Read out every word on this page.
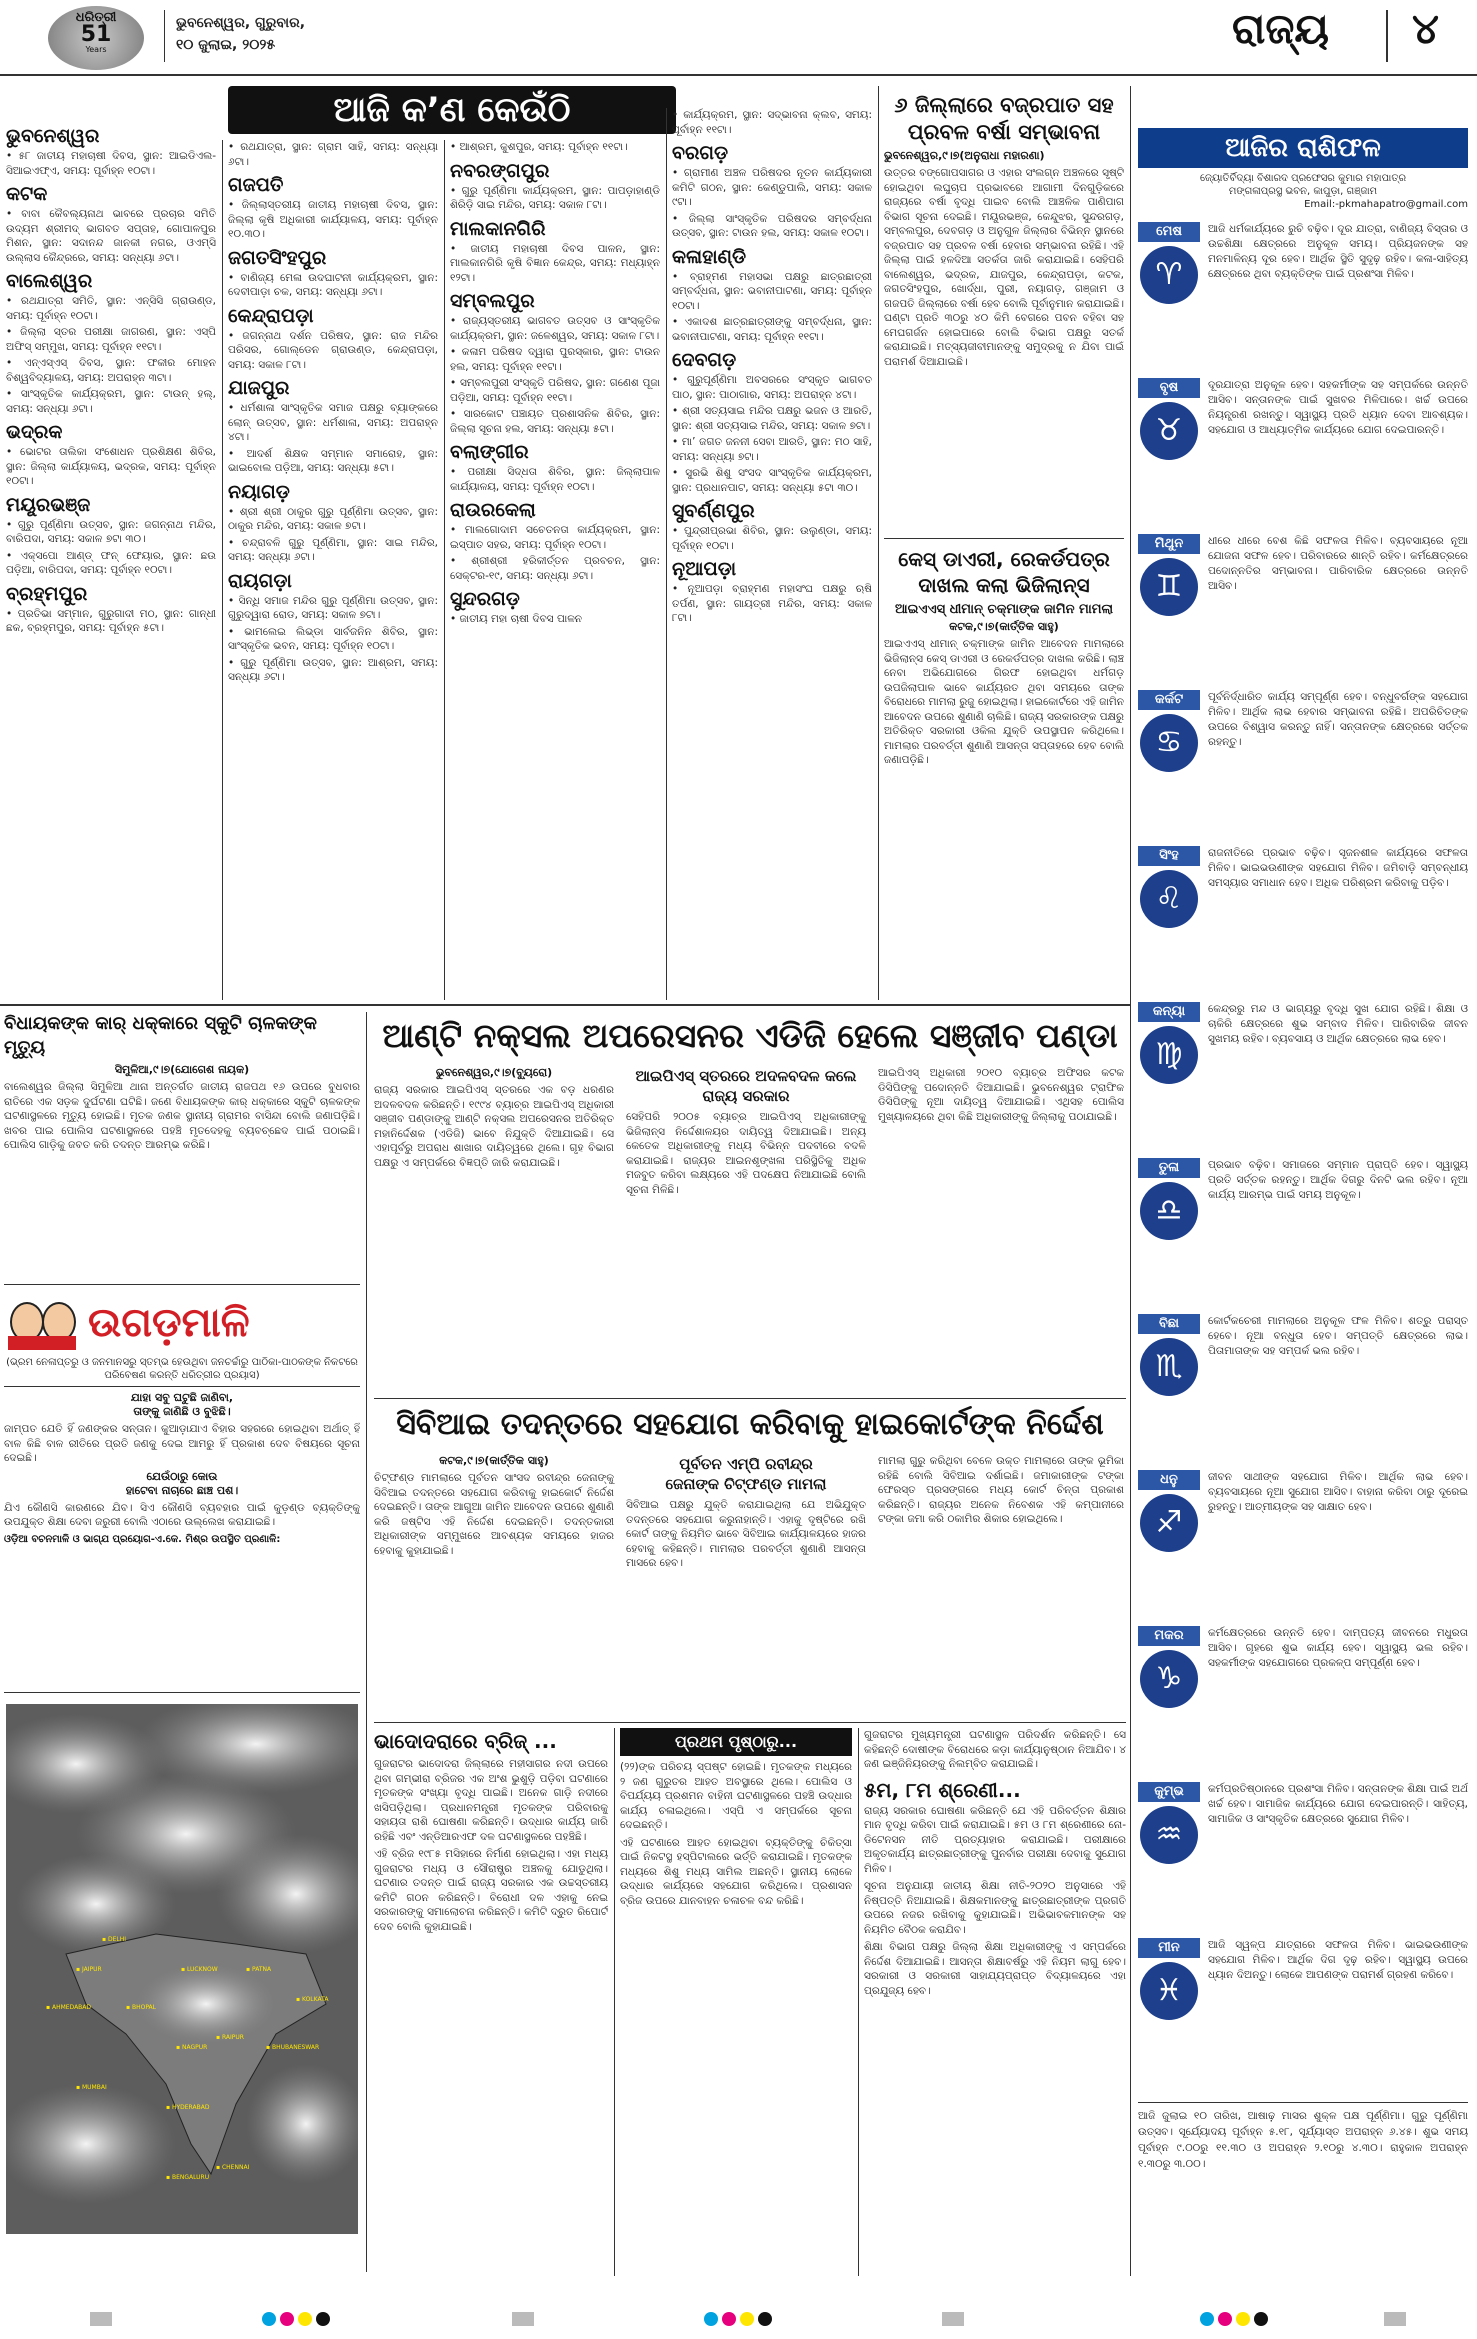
ଧରିତ୍ରୀ
51
Years
ଭୁବନେଶ୍ୱର, ଗୁରୁବାର,
୧୦ ଜୁଲାଇ, ୨୦୨୫	ରାଜ୍ୟ ୪
ଆଜି କ’ଣ କେଉଁଠି
ଭୁବନେଶ୍ୱର

• ୫୮ ଜାତୀୟ ମହାଚାଷୀ ଦିବସ, ସ୍ଥାନ: ଆଇଡିଏଲ-ସିଆଇଏଫ୍‌ଏ, ସମୟ: ପୂର୍ବାହ୍ନ ୧୦ଟା।

କଟକ

• ବାବା କୈବଲ୍ୟନାଥ ଭାବରେ ପ୍ରଚାର ସମିତି ଉଦ୍ୟମ ଶ୍ରୀମଦ୍ ଭାଗବତ ସପ୍ତାହ, ଗୋପାଳପୁର ମିଶନ, ସ୍ଥାନ: ସଦାନନ୍ଦ ଜାନକୀ ନଗର, ଓଏମ୍‌ସି ଉଲ୍ଲାସ କୈନ୍ଦ୍ରରେ, ସମୟ: ସନ୍ଧ୍ୟା ୬ଟା।

ବାଲେଶ୍ୱର

• ରଥଯାତ୍ରା ସମିତି, ସ୍ଥାନ: ଏନ୍‌ସିସି ଗ୍ରାଉଣ୍ଡ, ସମୟ: ପୂର୍ବାହ୍ନ ୧୦ଟା।

• ଜିଲ୍ଲା ସ୍ତର ପରୀକ୍ଷା ଜାଗରଣ, ସ୍ଥାନ: ଏସ୍‌ପି ଅଫିସ୍ ସମ୍ମୁଖ, ସମୟ: ପୂର୍ବାହ୍ନ ୧୧ଟା।

• ଏନ୍‌ଏସ୍‌ଏସ୍ ଦିବସ, ସ୍ଥାନ: ଫକୀର ମୋହନ ବିଶ୍ୱବିଦ୍ୟାଳୟ, ସମୟ: ଅପରାହ୍ନ ୩ଟା।

• ସାଂସ୍କୃତିକ କାର୍ଯ୍ୟକ୍ରମ, ସ୍ଥାନ: ଟାଉନ୍ ହଲ୍, ସମୟ: ସନ୍ଧ୍ୟା ୬ଟା।

ଭଦ୍ରକ

• ଭୋଟର ତାଲିକା ସଂଶୋଧନ ପ୍ରଶିକ୍ଷଣ ଶିବିର, ସ୍ଥାନ: ଜିଲ୍ଲା କାର୍ଯ୍ୟାଳୟ, ଭଦ୍ରକ, ସମୟ: ପୂର୍ବାହ୍ନ ୧୦ଟା।

ମୟୂରଭଞ୍ଜ

• ଗୁରୁ ପୂର୍ଣ୍ଣିମା ଉତ୍ସବ, ସ୍ଥାନ: ଜଗନ୍ନାଥ ମନ୍ଦିର, ବାରିପଦା, ସମୟ: ସକାଳ ୭ଟା ୩୦।

• ଏକ୍ସପୋ ଆଣ୍ଡ୍ ଫନ୍ ଫେୟାର, ସ୍ଥାନ: ଛଉ ପଡ଼ିଆ, ବାରିପଦା, ସମୟ: ପୂର୍ବାହ୍ନ ୧୦ଟା।

ବ୍ରହ୍ମପୁର

• ପ୍ରତିଭା ସମ୍ମାନ, ଗୁରୁଗାଦୀ ମଠ, ସ୍ଥାନ: ଗାନ୍ଧୀ ଛକ, ବ୍ରହ୍ମପୁର, ସମୟ: ପୂର୍ବାହ୍ନ ୫ଟା।

• ରଥଯାତ୍ରା, ସ୍ଥାନ: ଗ୍ରାମ ସାହି, ସମୟ: ସନ୍ଧ୍ୟା ୬ଟା।

ଗଜପତି

• ଜିଲ୍ଲାସ୍ତରୀୟ ଜାତୀୟ ମହାଚାଷୀ ଦିବସ, ସ୍ଥାନ: ଜିଲ୍ଲା କୃଷି ଅଧିକାରୀ କାର୍ଯ୍ୟାଳୟ, ସମୟ: ପୂର୍ବାହ୍ନ ୧୦.୩୦।

ଜଗତସିଂହପୁର

• ବାଣିଜ୍ୟ ମେଳା ଉଦଘାଟନୀ କାର୍ଯ୍ୟକ୍ରମ, ସ୍ଥାନ: ଦେବୀପାଡ଼ା ଚକ, ସମୟ: ସନ୍ଧ୍ୟା ୬ଟା।

କେନ୍ଦ୍ରାପଡ଼ା

• ଜଗନ୍ନାଥ ଦର୍ଶନ ପରିଷଦ, ସ୍ଥାନ: ରାଜ ମନ୍ଦିର ପରିସର, ଗୋଲ୍ଡେନ ଗ୍ରାଉଣ୍ଡ, କେନ୍ଦ୍ରାପଡ଼ା, ସମୟ: ସକାଳ ୮ଟା।

ଯାଜପୁର

• ଧର୍ମଶାଳା ସାଂସ୍କୃତିକ ସମାଜ ପକ୍ଷରୁ ବ୍ୟାଙ୍କରେ ଲୋନ୍‌ ଉତ୍ସବ, ସ୍ଥାନ: ଧର୍ମଶାଳା, ସମୟ: ଅପରାହ୍ନ ୪ଟା।

• ଆଦର୍ଶ ଶିକ୍ଷକ ସମ୍ମାନ ସମାରୋହ, ସ୍ଥାନ: ଭାଇବୋଲ ପଡ଼ିଆ, ସମୟ: ସନ୍ଧ୍ୟା ୫ଟା।

ନୟାଗଡ଼

• ଶ୍ରୀ ଶ୍ରୀ ଠାକୁର ଗୁରୁ ପୂର୍ଣ୍ଣିମା ଉତ୍ସବ, ସ୍ଥାନ: ଠାକୁର ମନ୍ଦିର, ସମୟ: ସକାଳ ୭ଟା।

• ଚନ୍ଦ୍ରାବଳି ଗୁରୁ ପୂର୍ଣ୍ଣିମା, ସ୍ଥାନ: ସାଇ ମନ୍ଦିର, ସମୟ: ସନ୍ଧ୍ୟା ୬ଟା।

ରାୟଗଡ଼ା

• ସିନ୍ଧି ସମାଜ ମନ୍ଦିର ଗୁରୁ ପୂର୍ଣ୍ଣିମା ଉତ୍ସବ, ସ୍ଥାନ: ଗୁରୁଦ୍ୱାରା ରୋଡ, ସମୟ: ସକାଳ ୭ଟା।

• ଭାମଲେଇ ଲିଭ୍‌ଡା ସାର୍ବଜନିନ ଶିବିର, ସ୍ଥାନ: ସାଂସ୍କୃତିକ ଭବନ, ସମୟ: ପୂର୍ବାହ୍ନ ୧୦ଟା।

• ଗୁରୁ ପୂର୍ଣ୍ଣିମା ଉତ୍ସବ, ସ୍ଥାନ: ଆଶ୍ରମ, ସମୟ: ସନ୍ଧ୍ୟା ୬ଟା।

• ଆଶ୍ରମ, କୁଶପୁର, ସମୟ: ପୂର୍ବାହ୍ନ ୧୧ଟା।

ନବରଙ୍ଗପୁର

• ଗୁରୁ ପୂର୍ଣ୍ଣିମା କାର୍ଯ୍ୟକ୍ରମ, ସ୍ଥାନ: ପାପଡ଼ାହାଣ୍ଡି ଶିରିଡ଼ି ସାଇ ମନ୍ଦିର, ସମୟ: ସକାଳ ୮ଟା।

ମାଲକାନଗିରି

• ଜାତୀୟ ମହାଚାଷୀ ଦିବସ ପାଳନ, ସ୍ଥାନ: ମାଲକାନଗିରି କୃଷି ବିଜ୍ଞାନ କେନ୍ଦ୍ର, ସମୟ: ମଧ୍ୟାହ୍ନ ୧୨ଟା।

ସମ୍ବଲପୁର

• ରାଜ୍ୟସ୍ତରୀୟ ଭାଗବତ ଉତ୍ସବ ଓ ସାଂସ୍କୃତିକ କାର୍ଯ୍ୟକ୍ରମ, ସ୍ଥାନ: ଜଳେଶ୍ୱର, ସମୟ: ସକାଳ ୮ଟା।

• କଳାମ ପରିଷଦ ଦ୍ୱାରା ପୁରସ୍କାର, ସ୍ଥାନ: ଟାଉନ ହଲ, ସମୟ: ପୂର୍ବାହ୍ନ ୧୧ଟା।

• ସମ୍ବଲପୁରୀ ସଂସ୍କୃତି ପରିଷଦ, ସ୍ଥାନ: ଗଣେଶ ପୂଜା ପଡ଼ିଆ, ସମୟ: ପୂର୍ବାହ୍ନ ୧୧ଟା।

• ସାରକୋଟ ପଞ୍ଚାୟତ ପ୍ରଶାସନିକ ଶିବିର, ସ୍ଥାନ: ଜିଲ୍ଲା ସୂଚନା ହଲ, ସମୟ: ସନ୍ଧ୍ୟା ୫ଟା।

ବଲାଙ୍ଗୀର

• ପରୀକ୍ଷା ସିଦ୍ଧତା ଶିବିର, ସ୍ଥାନ: ଜିଲ୍ଲାପାଳ କାର୍ଯ୍ୟାଳୟ, ସମୟ: ପୂର୍ବାହ୍ନ ୧୦ଟା।

ରାଉରକେଲା

• ମାଲଗୋଦାମ ସଚେତନତା କାର୍ଯ୍ୟକ୍ରମ, ସ୍ଥାନ: ଇସ୍ପାତ ସହର, ସମୟ: ପୂର୍ବାହ୍ନ ୧୦ଟା।

• ଶ୍ରୀଶ୍ରୀ ହରିକୀର୍ତ୍ତନ ପ୍ରବଚନ, ସ୍ଥାନ: ସେକ୍ଟର-୧୯, ସମୟ: ସନ୍ଧ୍ୟା ୬ଟା।

ସୁନ୍ଦରଗଡ଼

• ଜାତୀୟ ମହା ଚାଷୀ ଦିବସ ପାଳନ

• କାର୍ଯ୍ୟକ୍ରମ, ସ୍ଥାନ: ସଦ୍ଭାବନା କ୍ଲବ, ସମୟ: ପୂର୍ବାହ୍ନ ୧୧ଟା।

ବରଗଡ଼

• ଗ୍ରାମୀଣ ଅଞ୍ଚଳ ପରିଷଦର ନୂତନ କାର୍ଯ୍ୟକାରୀ କମିଟି ଗଠନ, ସ୍ଥାନ: କେଣ୍ଡୁପାଲି, ସମୟ: ସକାଳ ୯ଟା।

• ଜିଲ୍ଲା ସାଂସ୍କୃତିକ ପରିଷଦର ସମ୍ବର୍ଦ୍ଧନା ଉତ୍ସବ, ସ୍ଥାନ: ଟାଉନ ହଲ, ସମୟ: ସକାଳ ୧୦ଟା।

କଳାହାଣ୍ଡି

• ବ୍ରାହ୍ମଣ ମହାସଭା ପକ୍ଷରୁ ଛାତ୍ରଛାତ୍ରୀ ସମ୍ବର୍ଦ୍ଧନା, ସ୍ଥାନ: ଭବାନୀପାଟଣା, ସମୟ: ପୂର୍ବାହ୍ନ ୧୦ଟା।

• ଏକାଦଶ ଛାତ୍ରଛାତ୍ରୀଙ୍କୁ ସମ୍ବର୍ଦ୍ଧନା, ସ୍ଥାନ: ଭବାନୀପାଟଣା, ସମୟ: ପୂର୍ବାହ୍ନ ୧୧ଟା।

ଦେବଗଡ଼

• ଗୁରୁପୂର୍ଣ୍ଣିମା ଅବସରରେ ସଂସ୍କୃତ ଭାଗବତ ପାଠ, ସ୍ଥାନ: ପାଠାଗାର, ସମୟ: ଅପରାହ୍ନ ୪ଟା।

• ଶ୍ରୀ ସତ୍ୟସାଇ ମନ୍ଦିର ପକ୍ଷରୁ ଭଜନ ଓ ଆରତି, ସ୍ଥାନ: ଶ୍ରୀ ସତ୍ୟସାଇ ମନ୍ଦିର, ସମୟ: ସକାଳ ୭ଟା।

• ମା’ ଜଗତ ଜନନୀ ସେବା ଆରତି, ସ୍ଥାନ: ମଠ ସାହି, ସମୟ: ସନ୍ଧ୍ୟା ୭ଟା।

• ସୁରଭି ଶିଶୁ ସଂସଦ ସାଂସ୍କୃତିକ କାର୍ଯ୍ୟକ୍ରମ, ସ୍ଥାନ: ପ୍ରଧାନପାଟ, ସମୟ: ସନ୍ଧ୍ୟା ୫ଟା ୩୦।

ସୁବର୍ଣ୍ଣପୁର

• ପୁନ୍ଦ୍ରୀପ୍ରଭା ଶିବିର, ସ୍ଥାନ: ଉଲୁଣ୍ଡା, ସମୟ: ପୂର୍ବାହ୍ନ ୧୦ଟା।

ନୂଆପଡ଼ା

• ନୂଆପଡ଼ା ବ୍ରାହ୍ମଣ ମହାସଂଘ ପକ୍ଷରୁ ଋଷି ତର୍ପଣ, ସ୍ଥାନ: ଗାୟତ୍ରୀ ମନ୍ଦିର, ସମୟ: ସକାଳ ୮ଟା।

୬ ଜିଲ୍ଲାରେ ବଜ୍ରପାତ ସହ ପ୍ରବଳ ବର୍ଷା ସମ୍ଭାବନା
ଭୁବନେଶ୍ୱର,୯।୭(ଅନୁରାଧା ମହାରଣା)
ଉତ୍ତର ବଙ୍ଗୋପସାଗର ଓ ଏହାର ସଂଲଗ୍ନ ଅଞ୍ଚଳରେ ସୃଷ୍ଟି ହୋଇଥିବା ଲଘୁଚାପ ପ୍ରଭାବରେ ଆଗାମୀ ଦିନଗୁଡ଼ିକରେ ରାଜ୍ୟରେ ବର୍ଷା ବୃଦ୍ଧି ପାଇବ ବୋଲି ଆଞ୍ଚଳିକ ପାଣିପାଗ ବିଭାଗ ସୂଚନା ଦେଇଛି। ମୟୂରଭଞ୍ଜ, କେନ୍ଦୁଝର, ସୁନ୍ଦରଗଡ଼, ସମ୍ବଲପୁର, ଦେବଗଡ଼ ଓ ଅନୁଗୁଳ ଜିଲ୍ଲାର ବିଭିନ୍ନ ସ୍ଥାନରେ ବଜ୍ରପାତ ସହ ପ୍ରବଳ ବର୍ଷା ହେବାର ସମ୍ଭାବନା ରହିଛି। ଏହି ଜିଲ୍ଲା ପାଇଁ ହଳଦିଆ ସତର୍କତା ଜାରି କରାଯାଇଛି। ସେହିପରି ବାଲେଶ୍ୱର, ଭଦ୍ରକ, ଯାଜପୁର, କେନ୍ଦ୍ରାପଡ଼ା, କଟକ, ଜଗତସିଂହପୁର, ଖୋର୍ଦ୍ଧା, ପୁରୀ, ନୟାଗଡ଼, ଗଞ୍ଜାମ ଓ ଗଜପତି ଜିଲ୍ଲାରେ ବର୍ଷା ହେବ ବୋଲି ପୂର୍ବାନୁମାନ କରାଯାଇଛି। ଘଣ୍ଟା ପ୍ରତି ୩୦ରୁ ୪୦ କିମି ବେଗରେ ପବନ ବହିବା ସହ ମେଘଗର୍ଜନ ହୋଇପାରେ ବୋଲି ବିଭାଗ ପକ୍ଷରୁ ସତର୍କ କରାଯାଇଛି। ମତ୍ସ୍ୟଜୀବୀମାନଙ୍କୁ ସମୁଦ୍ରକୁ ନ ଯିବା ପାଇଁ ପରାମର୍ଶ ଦିଆଯାଇଛି।
କେସ୍ ଡାଏରୀ, ରେକର୍ଡପତ୍ର ଦାଖଲ କଲା ଭିଜିଲାନ୍ସ
ଆଇଏଏସ୍ ଧୀମାନ୍ ଚକ୍ମାଙ୍କ ଜାମିନ ମାମଲା
କଟକ,୯।୭(କାର୍ତ୍ତିକ ସାହୁ)
ଆଇଏଏସ୍ ଧୀମାନ୍ ଚକ୍ମାଙ୍କ ଜାମିନ ଆବେଦନ ମାମଲାରେ ଭିଜିଲାନ୍ସ କେସ୍ ଡାଏରୀ ଓ ରେକର୍ଡପତ୍ର ଦାଖଲ କରିଛି। ଲାଞ୍ଚ ନେବା ଅଭିଯୋଗରେ ଗିରଫ ହୋଇଥିବା ଧର୍ମଗଡ଼ ଉପଜିଲାପାଳ ଭାବେ କାର୍ଯ୍ୟରତ ଥିବା ସମୟରେ ତାଙ୍କ ବିରୋଧରେ ମାମଲା ରୁଜୁ ହୋଇଥିଲା। ହାଇକୋର୍ଟରେ ଏହି ଜାମିନ ଆବେଦନ ଉପରେ ଶୁଣାଣି ଚାଲିଛି। ରାଜ୍ୟ ସରକାରଙ୍କ ପକ୍ଷରୁ ଅତିରିକ୍ତ ସରକାରୀ ଓକିଲ ଯୁକ୍ତି ଉପସ୍ଥାପନ କରିଥିଲେ। ମାମଲାର ପରବର୍ତ୍ତୀ ଶୁଣାଣି ଆସନ୍ତା ସପ୍ତାହରେ ହେବ ବୋଲି ଜଣାପଡ଼ିଛି।
ଆଜିର ରାଶିଫଳ
ଜ୍ୟୋତିର୍ବିଦ୍ୟା ବିଶାରଦ ପ୍ରଫେସର କୁମାର ମହାପାତ୍ର
ମଙ୍ଗଳାପ୍ରସ୍ଥ ଭବନ, କାପୁଡ଼ା, ଗଞ୍ଜାମ
Email:-pkmahapatro@gmail.com
ମେଷ
♈
ଆଜି ଧର୍ମକାର୍ଯ୍ୟରେ ରୁଚି ବଢ଼ିବ। ଦୂର ଯାତ୍ରା, ବାଣିଜ୍ୟ ବିସ୍ତାର ଓ ଉଚ୍ଚଶିକ୍ଷା କ୍ଷେତ୍ରରେ ଅନୁକୂଳ ସମୟ। ପ୍ରିୟଜନଙ୍କ ସହ ମନମାଳିନ୍ୟ ଦୂର ହେବ। ଆର୍ଥିକ ସ୍ଥିତି ସୁଦୃଢ଼ ରହିବ। କଳା-ସାହିତ୍ୟ କ୍ଷେତ୍ରରେ ଥିବା ବ୍ୟକ୍ତିଙ୍କ ପାଇଁ ପ୍ରଶଂସା ମିଳିବ।
ବୃଷ
♉
ଦୂରଯାତ୍ରା ଅନୁକୂଳ ହେବ। ସହକର୍ମୀଙ୍କ ସହ ସମ୍ପର୍କରେ ଉନ୍ନତି ଆସିବ। ସନ୍ତାନଙ୍କ ପାଇଁ ସୁଖବର ମିଳିପାରେ। ଖର୍ଚ୍ଚ ଉପରେ ନିୟନ୍ତ୍ରଣ ରଖନ୍ତୁ। ସ୍ୱାସ୍ଥ୍ୟ ପ୍ରତି ଧ୍ୟାନ ଦେବା ଆବଶ୍ୟକ। ସହଯୋଗ ଓ ଆଧ୍ୟାତ୍ମିକ କାର୍ଯ୍ୟରେ ଯୋଗ ଦେଇପାରନ୍ତି।
ମିଥୁନ
♊
ଧୀରେ ଧୀରେ ବେଶ କିଛି ସଫଳତା ମିଳିବ। ବ୍ୟବସାୟରେ ନୂଆ ଯୋଜନା ସଫଳ ହେବ। ପରିବାରରେ ଶାନ୍ତି ରହିବ। କର୍ମକ୍ଷେତ୍ରରେ ପଦୋନ୍ନତିର ସମ୍ଭାବନା। ପାରିବାରିକ କ୍ଷେତ୍ରରେ ଉନ୍ନତି ଆସିବ।
କର୍କଟ
♋
ପୂର୍ବନିର୍ଦ୍ଧାରିତ କାର୍ଯ୍ୟ ସମ୍ପୂର୍ଣ୍ଣ ହେବ। ବନ୍ଧୁବର୍ଗଙ୍କ ସହଯୋଗ ମିଳିବ। ଆର୍ଥିକ ଲାଭ ହେବାର ସମ୍ଭାବନା ରହିଛି। ଅପରିଚିତଙ୍କ ଉପରେ ବିଶ୍ୱାସ କରନ୍ତୁ ନାହିଁ। ସନ୍ତାନଙ୍କ କ୍ଷେତ୍ରରେ ସର୍ତ୍ତକ ରହନ୍ତୁ।
ସିଂହ
♌
ରାଜନୀତିରେ ପ୍ରଭାବ ବଢ଼ିବ। ସୃଜନଶୀଳ କାର୍ଯ୍ୟରେ ସଫଳତା ମିଳିବ। ଭାଇଭଉଣୀଙ୍କ ସହଯୋଗ ମିଳିବ। ଜମିବାଡ଼ି ସମ୍ବନ୍ଧୀୟ ସମସ୍ୟାର ସମାଧାନ ହେବ। ଅଧିକ ପରିଶ୍ରମ କରିବାକୁ ପଡ଼ିବ।
କନ୍ୟା
♍
କେନ୍ଦ୍ରରୁ ମନ୍ଦ ଓ ଭାଗ୍ୟରୁ ବୃଦ୍ଧି ସୁଖ ଯୋଗ ରହିଛି। ଶିକ୍ଷା ଓ ଚାକିରି କ୍ଷେତ୍ରରେ ଶୁଭ ସମ୍ବାଦ ମିଳିବ। ପାରିବାରିକ ଜୀବନ ସୁଖମୟ ରହିବ। ବ୍ୟବସାୟ ଓ ଆର୍ଥିକ କ୍ଷେତ୍ରରେ ଲାଭ ହେବ।
ତୁଳା
♎
ପ୍ରଭାବ ବଢ଼ିବ। ସମାଜରେ ସମ୍ମାନ ପ୍ରାପ୍ତି ହେବ। ସ୍ୱାସ୍ଥ୍ୟ ପ୍ରତି ସର୍ତ୍ତକ ରହନ୍ତୁ। ଆର୍ଥିକ ଦିଗରୁ ଦିନଟି ଭଲ ରହିବ। ନୂଆ କାର୍ଯ୍ୟ ଆରମ୍ଭ ପାଇଁ ସମୟ ଅନୁକୂଳ।
ବିଛା
♏
କୋର୍ଟକଚେରୀ ମାମଲାରେ ଅନୁକୂଳ ଫଳ ମିଳିବ। ଶତ୍ରୁ ପରାସ୍ତ ହେବେ। ନୂଆ ବନ୍ଧୁତା ହେବ। ସମ୍ପତ୍ତି କ୍ଷେତ୍ରରେ ଲାଭ। ପିତାମାତାଙ୍କ ସହ ସମ୍ପର୍କ ଭଲ ରହିବ।
ଧନୁ
♐
ଜୀବନ ସାଥୀଙ୍କ ସହଯୋଗ ମିଳିବ। ଆର୍ଥିକ ଲାଭ ହେବ। ବ୍ୟବସାୟରେ ନୂଆ ସୁଯୋଗ ଆସିବ। ବାହାନା କରିବା ଠାରୁ ଦୂରେଇ ରୁହନ୍ତୁ। ଆତ୍ମୀୟଙ୍କ ସହ ସାକ୍ଷାତ ହେବ।
ମକର
♑
କର୍ମକ୍ଷେତ୍ରରେ ଉନ୍ନତି ହେବ। ଦାମ୍ପତ୍ୟ ଜୀବନରେ ମଧୁରତା ଆସିବ। ଗୃହରେ ଶୁଭ କାର୍ଯ୍ୟ ହେବ। ସ୍ୱାସ୍ଥ୍ୟ ଭଲ ରହିବ। ସହକର୍ମୀଙ୍କ ସହଯୋଗରେ ପ୍ରକଳ୍ପ ସମ୍ପୂର୍ଣ୍ଣ ହେବ।
କୁମ୍ଭ
♒
କର୍ମପ୍ରତିଷ୍ଠାନରେ ପ୍ରଶଂସା ମିଳିବ। ସନ୍ତାନଙ୍କ ଶିକ୍ଷା ପାଇଁ ଅର୍ଥ ଖର୍ଚ୍ଚ ହେବ। ସାମାଜିକ କାର୍ଯ୍ୟରେ ଯୋଗ ଦେଇପାରନ୍ତି। ସାହିତ୍ୟ, ସାମାଜିକ ଓ ସାଂସ୍କୃତିକ କ୍ଷେତ୍ରରେ ସୁଯୋଗ ମିଳିବ।
ମୀନ
♓
ଆଜି ସ୍ୱଳ୍ପ ଯାତ୍ରାରେ ସଫଳତା ମିଳିବ। ଭାଇଭଉଣୀଙ୍କ ସହଯୋଗ ମିଳିବ। ଆର୍ଥିକ ଦିଗ ଦୃଢ଼ ରହିବ। ସ୍ୱାସ୍ଥ୍ୟ ଉପରେ ଧ୍ୟାନ ଦିଅନ୍ତୁ। ଲୋକେ ଆପଣଙ୍କ ପରାମର୍ଶ ଗ୍ରହଣ କରିବେ।
ଆଜି ଜୁଲାଇ ୧୦ ତାରିଖ, ଆଷାଢ଼ ମାସର ଶୁକ୍ଳ ପକ୍ଷ ପୂର୍ଣ୍ଣିମା। ଗୁରୁ ପୂର୍ଣ୍ଣିମା ଉତ୍ସବ। ସୂର୍ଯ୍ୟୋଦୟ ପୂର୍ବାହ୍ନ ୫.୧୮, ସୂର୍ଯ୍ୟାସ୍ତ ଅପରାହ୍ନ ୬.୪୫। ଶୁଭ ସମୟ ପୂର୍ବାହ୍ନ ୯.୦୦ରୁ ୧୧.୩୦ ଓ ଅପରାହ୍ନ ୨.୧୦ରୁ ୪.୩୦। ରାହୁକାଳ ଅପରାହ୍ନ ୧.୩୦ରୁ ୩.୦୦।
ବିଧାୟକଙ୍କ କାର୍ ଧକ୍କାରେ ସ୍କୁଟି ଚାଳକଙ୍କ ମୃତ୍ୟୁ
ସିମୁଳିଆ,୯।୭(ଯୋଗେଶ ନାୟକ)
ବାଲେଶ୍ୱର ଜିଲ୍ଲା ସିମୁଳିଆ ଥାନା ଅନ୍ତର୍ଗତ ଜାତୀୟ ରାଜପଥ ୧୬ ଉପରେ ବୁଧବାର ରାତିରେ ଏକ ସଡ଼କ ଦୁର୍ଘଟଣା ଘଟିଛି। ଜଣେ ବିଧାୟକଙ୍କ କାର୍ ଧକ୍କାରେ ସ୍କୁଟି ଚାଳକଙ୍କ ଘଟଣାସ୍ଥଳରେ ମୃତ୍ୟୁ ହୋଇଛି। ମୃତକ ଜଣକ ସ୍ଥାନୀୟ ଗ୍ରାମର ବାସିନ୍ଦା ବୋଲି ଜଣାପଡ଼ିଛି। ଖବର ପାଇ ପୋଲିସ ଘଟଣାସ୍ଥଳରେ ପହଞ୍ଚି ମୃତଦେହକୁ ବ୍ୟବଚ୍ଛେଦ ପାଇଁ ପଠାଇଛି। ପୋଲିସ ଗାଡ଼ିକୁ ଜବତ କରି ତଦନ୍ତ ଆରମ୍ଭ କରିଛି।
ଉଗଡ଼ମାଳି
(ଭ୍ରମ ନେଳାପ୍ତରୁ ଓ ଜନମାନସରୁ ସ୍ତମ୍ଭ ହେଉଥିବା ଜନଚର୍ଚ୍ଚାରୁ ପାଠିକା-ପାଠକଙ୍କ ନିକଟରେ ପରିବେଷଣ କରନ୍ତି ଧରିତ୍ରୀର ପ୍ରୟାସ)
ଯାହା ସବୁ ଘଟୁଛି ଜାଣିବା,
ତାଙ୍କୁ ଜାଣିଛି ଓ ବୁଝିଛି।
ଜାମ୍ପତ ଯେତି ହିଁ ଜଣଙ୍କର ସନ୍ତାନ। କୁଆଡ଼ାଯାଏ ବିହାର ସହରରେ ହୋଇଥିବା ଅର୍ଥାତ୍ ହିଁ ବାଳ କିଛି ବାଳ ରୀତିରେ ପ୍ରତି ଜଣକୁ ଦେଇ ଆମରୁ ହିଁ ପ୍ରକାଶ ଦେବ ବିଷୟରେ ସୂଚନା ଦେଇଛି।
ଯେଉଁଠାରୁ କୋଉ
ହାଟେବା ନାଚାରେ ଛାଞ୍ଚ ପଶ।
ଯିଏ କୌଣସି କାରଣରେ ଯିବ। ସିଏ କୌଣସି ବ୍ୟବହାର ପାଇଁ କୁଡ଼ଣ୍ଡ ବ୍ୟକ୍ତିଙ୍କୁ ଉପଯୁକ୍ତ ଶିକ୍ଷା ଦେବା ଜରୁରୀ ବୋଲି ଏଠାରେ ଉଲ୍ଲେଖ କରାଯାଇଛି।
ଓଡ଼ିଆ ବଚନମାଳି ଓ ଭାଗ୍ଯ ପ୍ରୟୋଗ-ଏ.କେ. ମିଶ୍ର ଉପସ୍ଥିତ ପ୍ରଣାଳି:
▪ DELHI
▪ JAIPUR
▪ AHMEDABAD	▪ BHOPAL
▪ LUCKNOW	▪ PATNA
▪ KOLKATA
▪ NAGPUR
▪ RAIPUR
▪ MUMBAI
▪ HYDERABAD
▪ BHUBANESWAR
▪ CHENNAI
▪ BENGALURU
ଆଣ୍ଟି ନକ୍ସଲ ଅପରେସନର ଏଡିଜି ହେଲେ ସଞ୍ଜୀବ ପଣ୍ଡା
ଭୁବନେଶ୍ୱର,୯।୭(ବ୍ୟୁରୋ)
ରାଜ୍ୟ ସରକାର ଆଇପିଏସ୍ ସ୍ତରରେ ଏକ ବଡ଼ ଧରଣର ଅଦଳବଦଳ କରିଛନ୍ତି। ୧୯୯୪ ବ୍ୟାଚ୍‌ର ଆଇପିଏସ୍ ଅଧିକାରୀ ସଞ୍ଜୀବ ପଣ୍ଡାଙ୍କୁ ଆଣ୍ଟି ନକ୍ସଲ ଅପରେସନର ଅତିରିକ୍ତ ମହାନିର୍ଦ୍ଦେଶକ (ଏଡିଜି) ଭାବେ ନିଯୁକ୍ତି ଦିଆଯାଇଛି। ସେ ଏହାପୂର୍ବରୁ ଅପରାଧ ଶାଖାର ଦାୟିତ୍ୱରେ ଥିଲେ। ଗୃହ ବିଭାଗ ପକ୍ଷରୁ ଏ ସମ୍ପର୍କରେ ବିଜ୍ଞପ୍ତି ଜାରି କରାଯାଇଛି।
ଆଇପିଏସ୍ ସ୍ତରରେ ଅଦଳବଦଳ କଲେ ରାଜ୍ୟ ସରକାର
ସେହିପରି ୨୦୦୫ ବ୍ୟାଚ୍‌ର ଆଇପିଏସ୍ ଅଧିକାରୀଙ୍କୁ ଭିଜିଲାନ୍ସ ନିର୍ଦ୍ଦେଶାଳୟର ଦାୟିତ୍ୱ ଦିଆଯାଇଛି। ଅନ୍ୟ କେତେକ ଅଧିକାରୀଙ୍କୁ ମଧ୍ୟ ବିଭିନ୍ନ ପଦବୀରେ ବଦଳି କରାଯାଇଛି। ରାଜ୍ୟର ଆଇନଶୃଙ୍ଖଳା ପରିସ୍ଥିତିକୁ ଅଧିକ ମଜବୁତ କରିବା ଲକ୍ଷ୍ୟରେ ଏହି ପଦକ୍ଷେପ ନିଆଯାଇଛି ବୋଲି ସୂଚନା ମିଳିଛି।
ଆଇପିଏସ୍ ଅଧିକାରୀ ୨୦୧୦ ବ୍ୟାଚ୍‌ର ଅଫିସର କଟକ ଡିସିପିଙ୍କୁ ପଦୋନ୍ନତି ଦିଆଯାଇଛି। ଭୁବନେଶ୍ୱର ଟ୍ରାଫିକ ଡିସିପିଙ୍କୁ ନୂଆ ଦାୟିତ୍ୱ ଦିଆଯାଇଛି। ଏଥିସହ ପୋଲିସ ମୁଖ୍ୟାଳୟରେ ଥିବା କିଛି ଅଧିକାରୀଙ୍କୁ ଜିଲ୍ଲାକୁ ପଠାଯାଇଛି।
ସିବିଆଇ ତଦନ୍ତରେ ସହଯୋଗ କରିବାକୁ ହାଇକୋର୍ଟଙ୍କ ନିର୍ଦ୍ଦେଶ
କଟକ,୯।୭(କାର୍ତ୍ତିକ ସାହୁ)
ଚିଟ୍‌ଫଣ୍ଡ ମାମଲାରେ ପୂର୍ବତନ ସାଂସଦ ରବୀନ୍ଦ୍ର ଜେନାଙ୍କୁ ସିବିଆଇ ତଦନ୍ତରେ ସହଯୋଗ କରିବାକୁ ହାଇକୋର୍ଟ ନିର୍ଦ୍ଦେଶ ଦେଇଛନ୍ତି। ତାଙ୍କ ଆଗୁଆ ଜାମିନ ଆବେଦନ ଉପରେ ଶୁଣାଣି କରି ଜଷ୍ଟିସ ଏହି ନିର୍ଦ୍ଦେଶ ଦେଇଛନ୍ତି। ତଦନ୍ତକାରୀ ଅଧିକାରୀଙ୍କ ସମ୍ମୁଖରେ ଆବଶ୍ୟକ ସମୟରେ ହାଜର ହେବାକୁ କୁହାଯାଇଛି।
ପୂର୍ବତନ ଏମ୍‌ପି ରବୀନ୍ଦ୍ର
ଜେନାଙ୍କ ଚିଟ୍‌ଫଣ୍ଡ ମାମଲା
ସିବିଆଇ ପକ୍ଷରୁ ଯୁକ୍ତି କରାଯାଇଥିଲା ଯେ ଅଭିଯୁକ୍ତ ତଦନ୍ତରେ ସହଯୋଗ କରୁନାହାନ୍ତି। ଏହାକୁ ଦୃଷ୍ଟିରେ ରଖି କୋର୍ଟ ତାଙ୍କୁ ନିୟମିତ ଭାବେ ସିବିଆଇ କାର୍ଯ୍ୟାଳୟରେ ହାଜର ହେବାକୁ କହିଛନ୍ତି। ମାମଲାର ପରବର୍ତ୍ତୀ ଶୁଣାଣି ଆସନ୍ତା ମାସରେ ହେବ।
ମାମଲା ଗୁରୁ କରିଥିବା ବେଳେ ଉକ୍ତ ମାମଲାରେ ତାଙ୍କ ଭୂମିକା ରହିଛି ବୋଲି ସିବିଆଇ ଦର୍ଶାଇଛି। ଜମାକାରୀଙ୍କ ଟଙ୍କା ଫେରସ୍ତ ପ୍ରସଙ୍ଗରେ ମଧ୍ୟ କୋର୍ଟ ଚିନ୍ତା ପ୍ରକାଶ କରିଛନ୍ତି। ରାଜ୍ୟର ଅନେକ ନିବେଶକ ଏହି କମ୍ପାନୀରେ ଟଙ୍କା ଜମା କରି ଠକାମିର ଶିକାର ହୋଇଥିଲେ।
ଭାଦୋଦରାରେ ବ୍ରିଜ୍ ...
ଗୁଜରାଟର ଭାଦୋଦରା ଜିଲ୍ଲାରେ ମହୀସାଗର ନଦୀ ଉପରେ ଥିବା ଗମ୍ଭୀରା ବ୍ରିଜର ଏକ ଅଂଶ ଭୁଶୁଡ଼ି ପଡ଼ିବା ଘଟଣାରେ ମୃତକଙ୍କ ସଂଖ୍ୟା ବୃଦ୍ଧି ପାଇଛି। ଅନେକ ଗାଡ଼ି ନଦୀରେ ଖସିପଡ଼ିଥିଲା। ପ୍ରଧାନମନ୍ତ୍ରୀ ମୃତକଙ୍କ ପରିବାରକୁ ସହାୟତା ରାଶି ଘୋଷଣା କରିଛନ୍ତି। ଉଦ୍ଧାର କାର୍ଯ୍ୟ ଜାରି ରହିଛି ଏବଂ ଏନ୍‌ଡିଆରଏଫ ଦଳ ଘଟଣାସ୍ଥଳରେ ପହଞ୍ଚିଛି।
ଏହି ବ୍ରିଜ ୧୯୮୫ ମସିହାରେ ନିର୍ମାଣ ହୋଇଥିଲା। ଏହା ମଧ୍ୟ ଗୁଜରାଟର ମଧ୍ୟ ଓ ସୌରାଷ୍ଟ୍ର ଅଞ୍ଚଳକୁ ଯୋଡୁଥିଲା। ଘଟଣାର ତଦନ୍ତ ପାଇଁ ରାଜ୍ୟ ସରକାର ଏକ ଉଚ୍ଚସ୍ତରୀୟ କମିଟି ଗଠନ କରିଛନ୍ତି। ବିରୋଧୀ ଦଳ ଏହାକୁ ନେଇ ସରକାରଙ୍କୁ ସମାଲୋଚନା କରିଛନ୍ତି। କମିଟି ଦ୍ରୁତ ରିପୋର୍ଟ ଦେବ ବୋଲି କୁହାଯାଇଛି।
ପ୍ରଥମ ପୃଷ୍ଠାରୁ...
(୨୨)ଙ୍କ ପରିଚୟ ସ୍ପଷ୍ଟ ହୋଇଛି। ମୃତକଙ୍କ ମଧ୍ୟରେ ୨ ଜଣ ଗୁରୁତର ଆହତ ଅବସ୍ଥାରେ ଥିଲେ। ପୋଲିସ ଓ ବିପର୍ଯ୍ୟୟ ପ୍ରଶମନ ବାହିନୀ ଘଟଣାସ୍ଥଳରେ ପହଞ୍ଚି ଉଦ୍ଧାର କାର୍ଯ୍ୟ ଚଳାଇଥିଲେ। ଏସ୍‌ପି ଏ ସମ୍ପର୍କରେ ସୂଚନା ଦେଇଛନ୍ତି।
ଏହି ଘଟଣାରେ ଆହତ ହୋଇଥିବା ବ୍ୟକ୍ତିଙ୍କୁ ଚିକିତ୍ସା ପାଇଁ ନିକଟସ୍ଥ ହସ୍ପିଟାଲରେ ଭର୍ତ୍ତି କରାଯାଇଛି। ମୃତକଙ୍କ ମଧ୍ୟରେ ଶିଶୁ ମଧ୍ୟ ସାମିଲ ଅଛନ୍ତି। ସ୍ଥାନୀୟ ଲୋକେ ଉଦ୍ଧାର କାର୍ଯ୍ୟରେ ସହଯୋଗ କରିଥିଲେ। ପ୍ରଶାସନ ବ୍ରିଜ ଉପରେ ଯାନବାହନ ଚଳାଚଳ ବନ୍ଦ କରିଛି।
ଗୁଜରାଟର ମୁଖ୍ୟମନ୍ତ୍ରୀ ଘଟଣାସ୍ଥଳ ପରିଦର୍ଶନ କରିଛନ୍ତି। ସେ କହିଛନ୍ତି ଦୋଷୀଙ୍କ ବିରୋଧରେ କଡ଼ା କାର୍ଯ୍ୟାନୁଷ୍ଠାନ ନିଆଯିବ। ୪ ଜଣ ଇଞ୍ଜିନିୟରଙ୍କୁ ନିଲମ୍ବିତ କରାଯାଇଛି।
୫ମ, ୮ମ ଶ୍ରେଣୀ...
ରାଜ୍ୟ ସରକାର ଘୋଷଣା କରିଛନ୍ତି ଯେ ଏହି ପରିବର୍ତ୍ତନ ଶିକ୍ଷାର ମାନ ବୃଦ୍ଧି କରିବା ପାଇଁ କରାଯାଇଛି। ୫ମ ଓ ୮ମ ଶ୍ରେଣୀରେ ନୋ-ଡିଟେନସନ ନୀତି ପ୍ରତ୍ୟାହାର କରାଯାଇଛି। ପରୀକ୍ଷାରେ ଅକୃତକାର୍ଯ୍ୟ ଛାତ୍ରଛାତ୍ରୀଙ୍କୁ ପୁନର୍ବାର ପରୀକ୍ଷା ଦେବାକୁ ସୁଯୋଗ ମିଳିବ।
ସୂଚନା ଅନୁଯାୟୀ ଜାତୀୟ ଶିକ୍ଷା ନୀତି-୨୦୨୦ ଅନୁସାରେ ଏହି ନିଷ୍ପତ୍ତି ନିଆଯାଇଛି। ଶିକ୍ଷକମାନଙ୍କୁ ଛାତ୍ରଛାତ୍ରୀଙ୍କ ପ୍ରଗତି ଉପରେ ନଜର ରଖିବାକୁ କୁହାଯାଇଛି। ଅଭିଭାବକମାନଙ୍କ ସହ ନିୟମିତ ବୈଠକ କରାଯିବ।
ଶିକ୍ଷା ବିଭାଗ ପକ୍ଷରୁ ଜିଲ୍ଲା ଶିକ୍ଷା ଅଧିକାରୀଙ୍କୁ ଏ ସମ୍ପର୍କରେ ନିର୍ଦ୍ଦେଶ ଦିଆଯାଇଛି। ଆସନ୍ତା ଶିକ୍ଷାବର୍ଷରୁ ଏହି ନିୟମ ଲାଗୁ ହେବ। ସରକାରୀ ଓ ସରକାରୀ ସାହାଯ୍ୟପ୍ରାପ୍ତ ବିଦ୍ୟାଳୟରେ ଏହା ପ୍ରଯୁଜ୍ୟ ହେବ।
